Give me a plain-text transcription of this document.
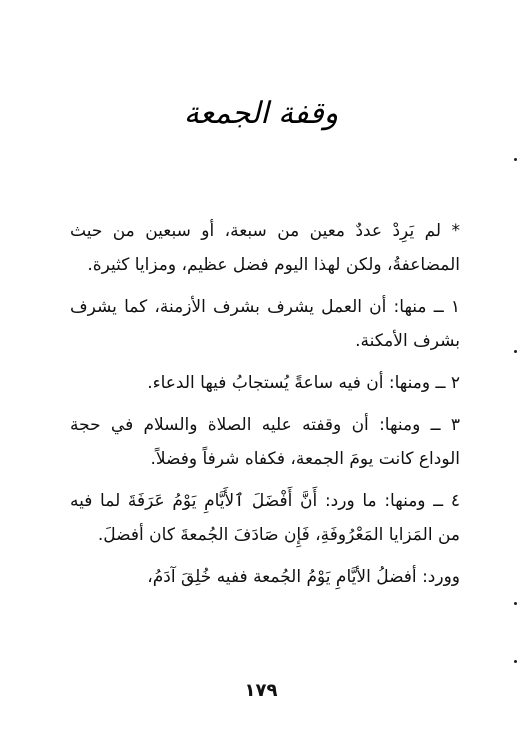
وقفة الجمعة

* لم يَرِدْ عددٌ معين من سبعة، أو سبعين من حيث المضاعفةُ، ولكن لهذا اليوم فضل عظيم، ومزايا كثيرة.

١ ــ منها: أن العمل يشرف بشرف الأزمنة، كما يشرف بشرف الأمكنة.

٢ ــ ومنها: أن فيه ساعةً يُستجابُ فيها الدعاء.

٣ ــ ومنها: أن وقفته عليه الصلاة والسلام في حجة الوداع كانت يومَ الجمعة، فكفاه شرفاً وفضلاً.

٤ ــ ومنها: ما ورد: أَنَّ أَفْضَلَ ٱلأَيَّامِ يَوْمُ عَرَفَةَ لما فيه من المَزايا المَعْرُوفَةِ، فَإِن صَادَفَ الجُمعةَ كان أفضلَ.

وورد: أفضلُ الأيَّامِ يَوْمُ الجُمعة ففيه خُلِقَ آدَمُ،

١٧٩
